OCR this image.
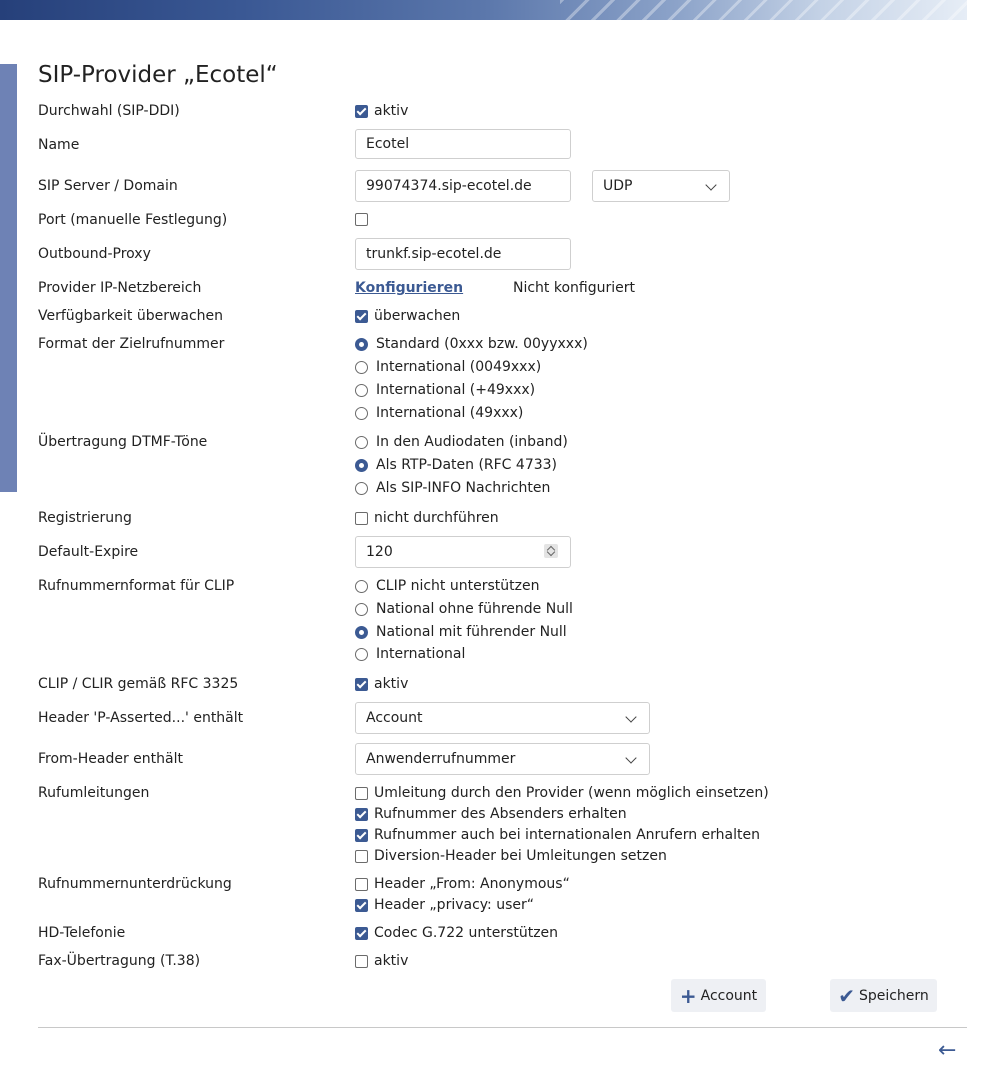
SIP-Provider „Ecotel“
Durchwahl (SIP-DDI)	aktiv
Name	Ecotel
SIP Server / Domain	99074374.sip-ecotel.de	UDP
Port (manuelle Festlegung)
Outbound-Proxy	trunkf.sip-ecotel.de
Provider IP-Netzbereich	Konfigurieren	Nicht konfiguriert
Verfügbarkeit überwachen	überwachen
Format der Zielrufnummer	Standard (0xxx bzw. 00yyxxx)
International (0049xxx)
International (+49xxx)
International (49xxx)
Übertragung DTMF-Töne	In den Audiodaten (inband)
Als RTP-Daten (RFC 4733)
Als SIP-INFO Nachrichten
Registrierung	nicht durchführen
Default-Expire	120
Rufnummernformat für CLIP	CLIP nicht unterstützen
National ohne führende Null
National mit führender Null
International
CLIP / CLIR gemäß RFC 3325	aktiv
Header 'P-Asserted...' enthält	Account
From-Header enthält	Anwenderrufnummer
Rufumleitungen	Umleitung durch den Provider (wenn möglich einsetzen)
Rufnummer des Absenders erhalten
Rufnummer auch bei internationalen Anrufern erhalten
Diversion-Header bei Umleitungen setzen
Rufnummernunterdrückung	Header „From: Anonymous“
Header „privacy: user“
HD-Telefonie	Codec G.722 unterstützen
Fax-Übertragung (T.38)	aktiv
+ Account	✔ Speichern
←
